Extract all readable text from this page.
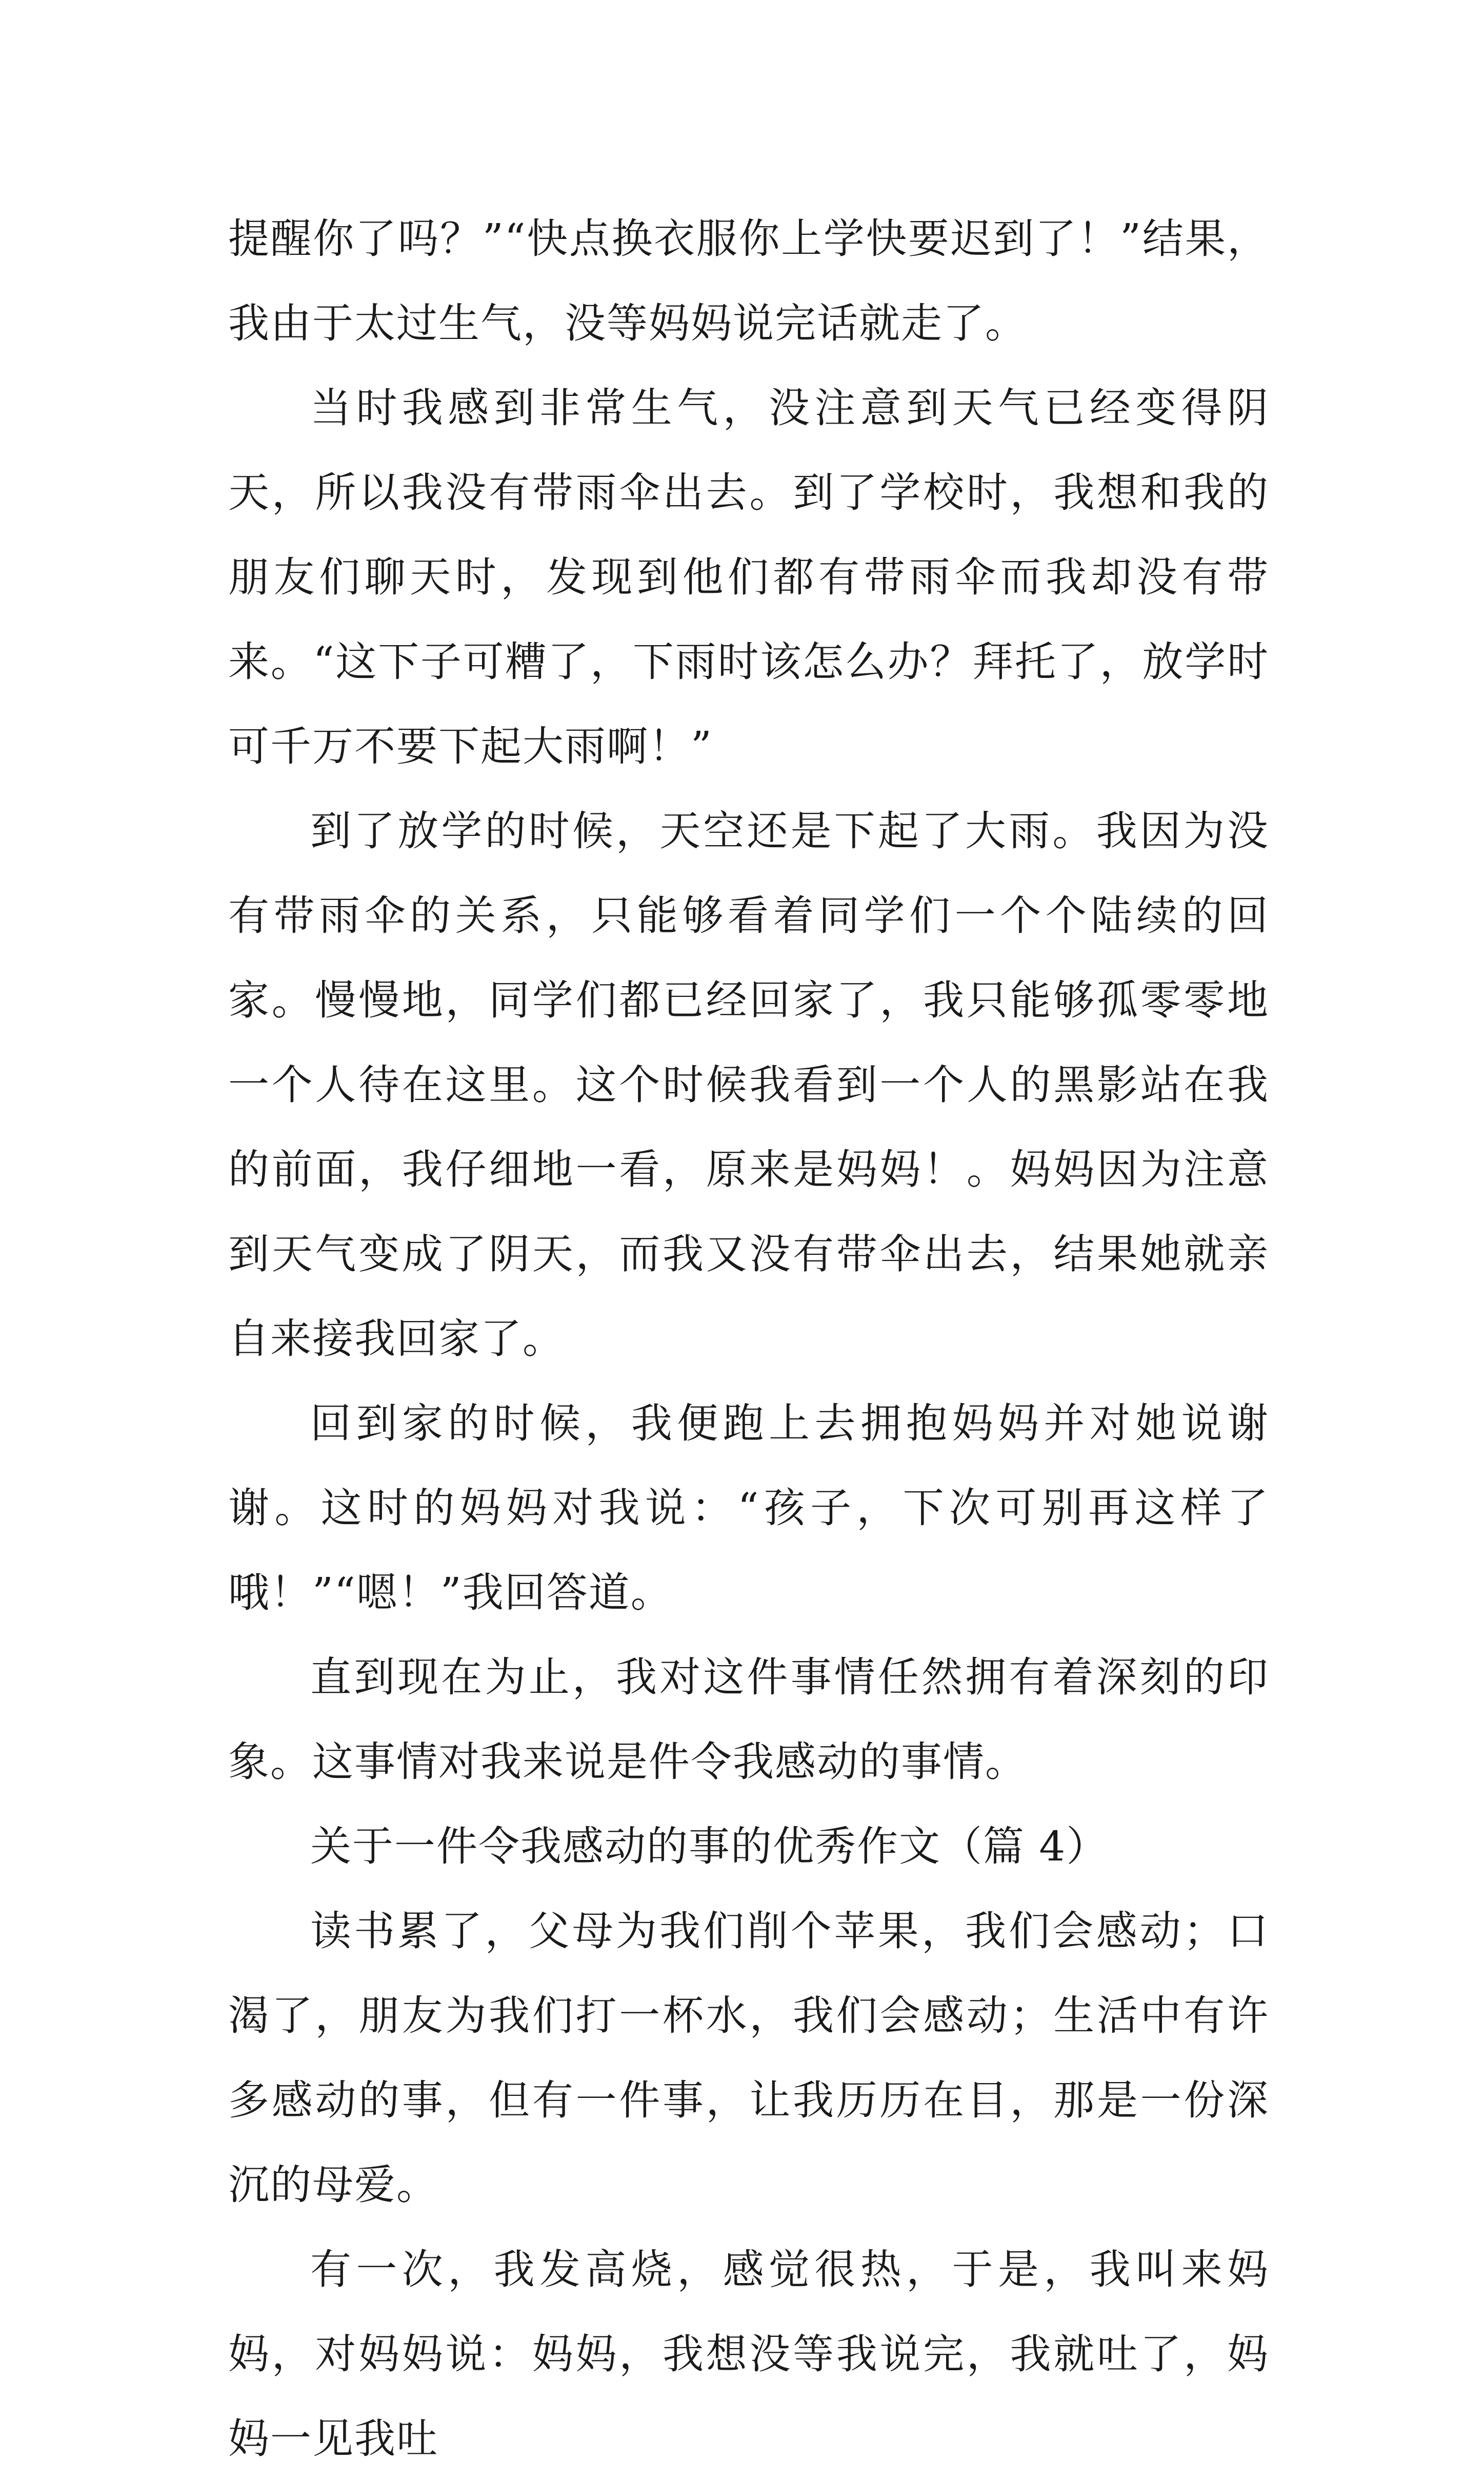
提醒你了吗？”“快点换衣服你上学快要迟到了！”结果，我由于太过生气，没等妈妈说完话就走了。

当时我感到非常生气，没注意到天气已经变得阴天，所以我没有带雨伞出去。到了学校时，我想和我的朋友们聊天时，发现到他们都有带雨伞而我却没有带来。“这下子可糟了，下雨时该怎么办？拜托了，放学时可千万不要下起大雨啊！”

到了放学的时候，天空还是下起了大雨。我因为没有带雨伞的关系，只能够看着同学们一个个陆续的回家。慢慢地，同学们都已经回家了，我只能够孤零零地一个人待在这里。这个时候我看到一个人的黑影站在我的前面，我仔细地一看，原来是妈妈！。妈妈因为注意到天气变成了阴天，而我又没有带伞出去，结果她就亲自来接我回家了。

回到家的时候，我便跑上去拥抱妈妈并对她说谢谢。这时的妈妈对我说：“孩子，下次可别再这样了哦！”“嗯！”我回答道。

直到现在为止，我对这件事情任然拥有着深刻的印象。这事情对我来说是件令我感动的事情。

关于一件令我感动的事的优秀作文（篇 4）

读书累了，父母为我们削个苹果，我们会感动；口渴了，朋友为我们打一杯水，我们会感动；生活中有许多感动的事，但有一件事，让我历历在目，那是一份深沉的母爱。

有一次，我发高烧，感觉很热，于是，我叫来妈妈，对妈妈说：妈妈，我想没等我说完，我就吐了，妈妈一见我吐
